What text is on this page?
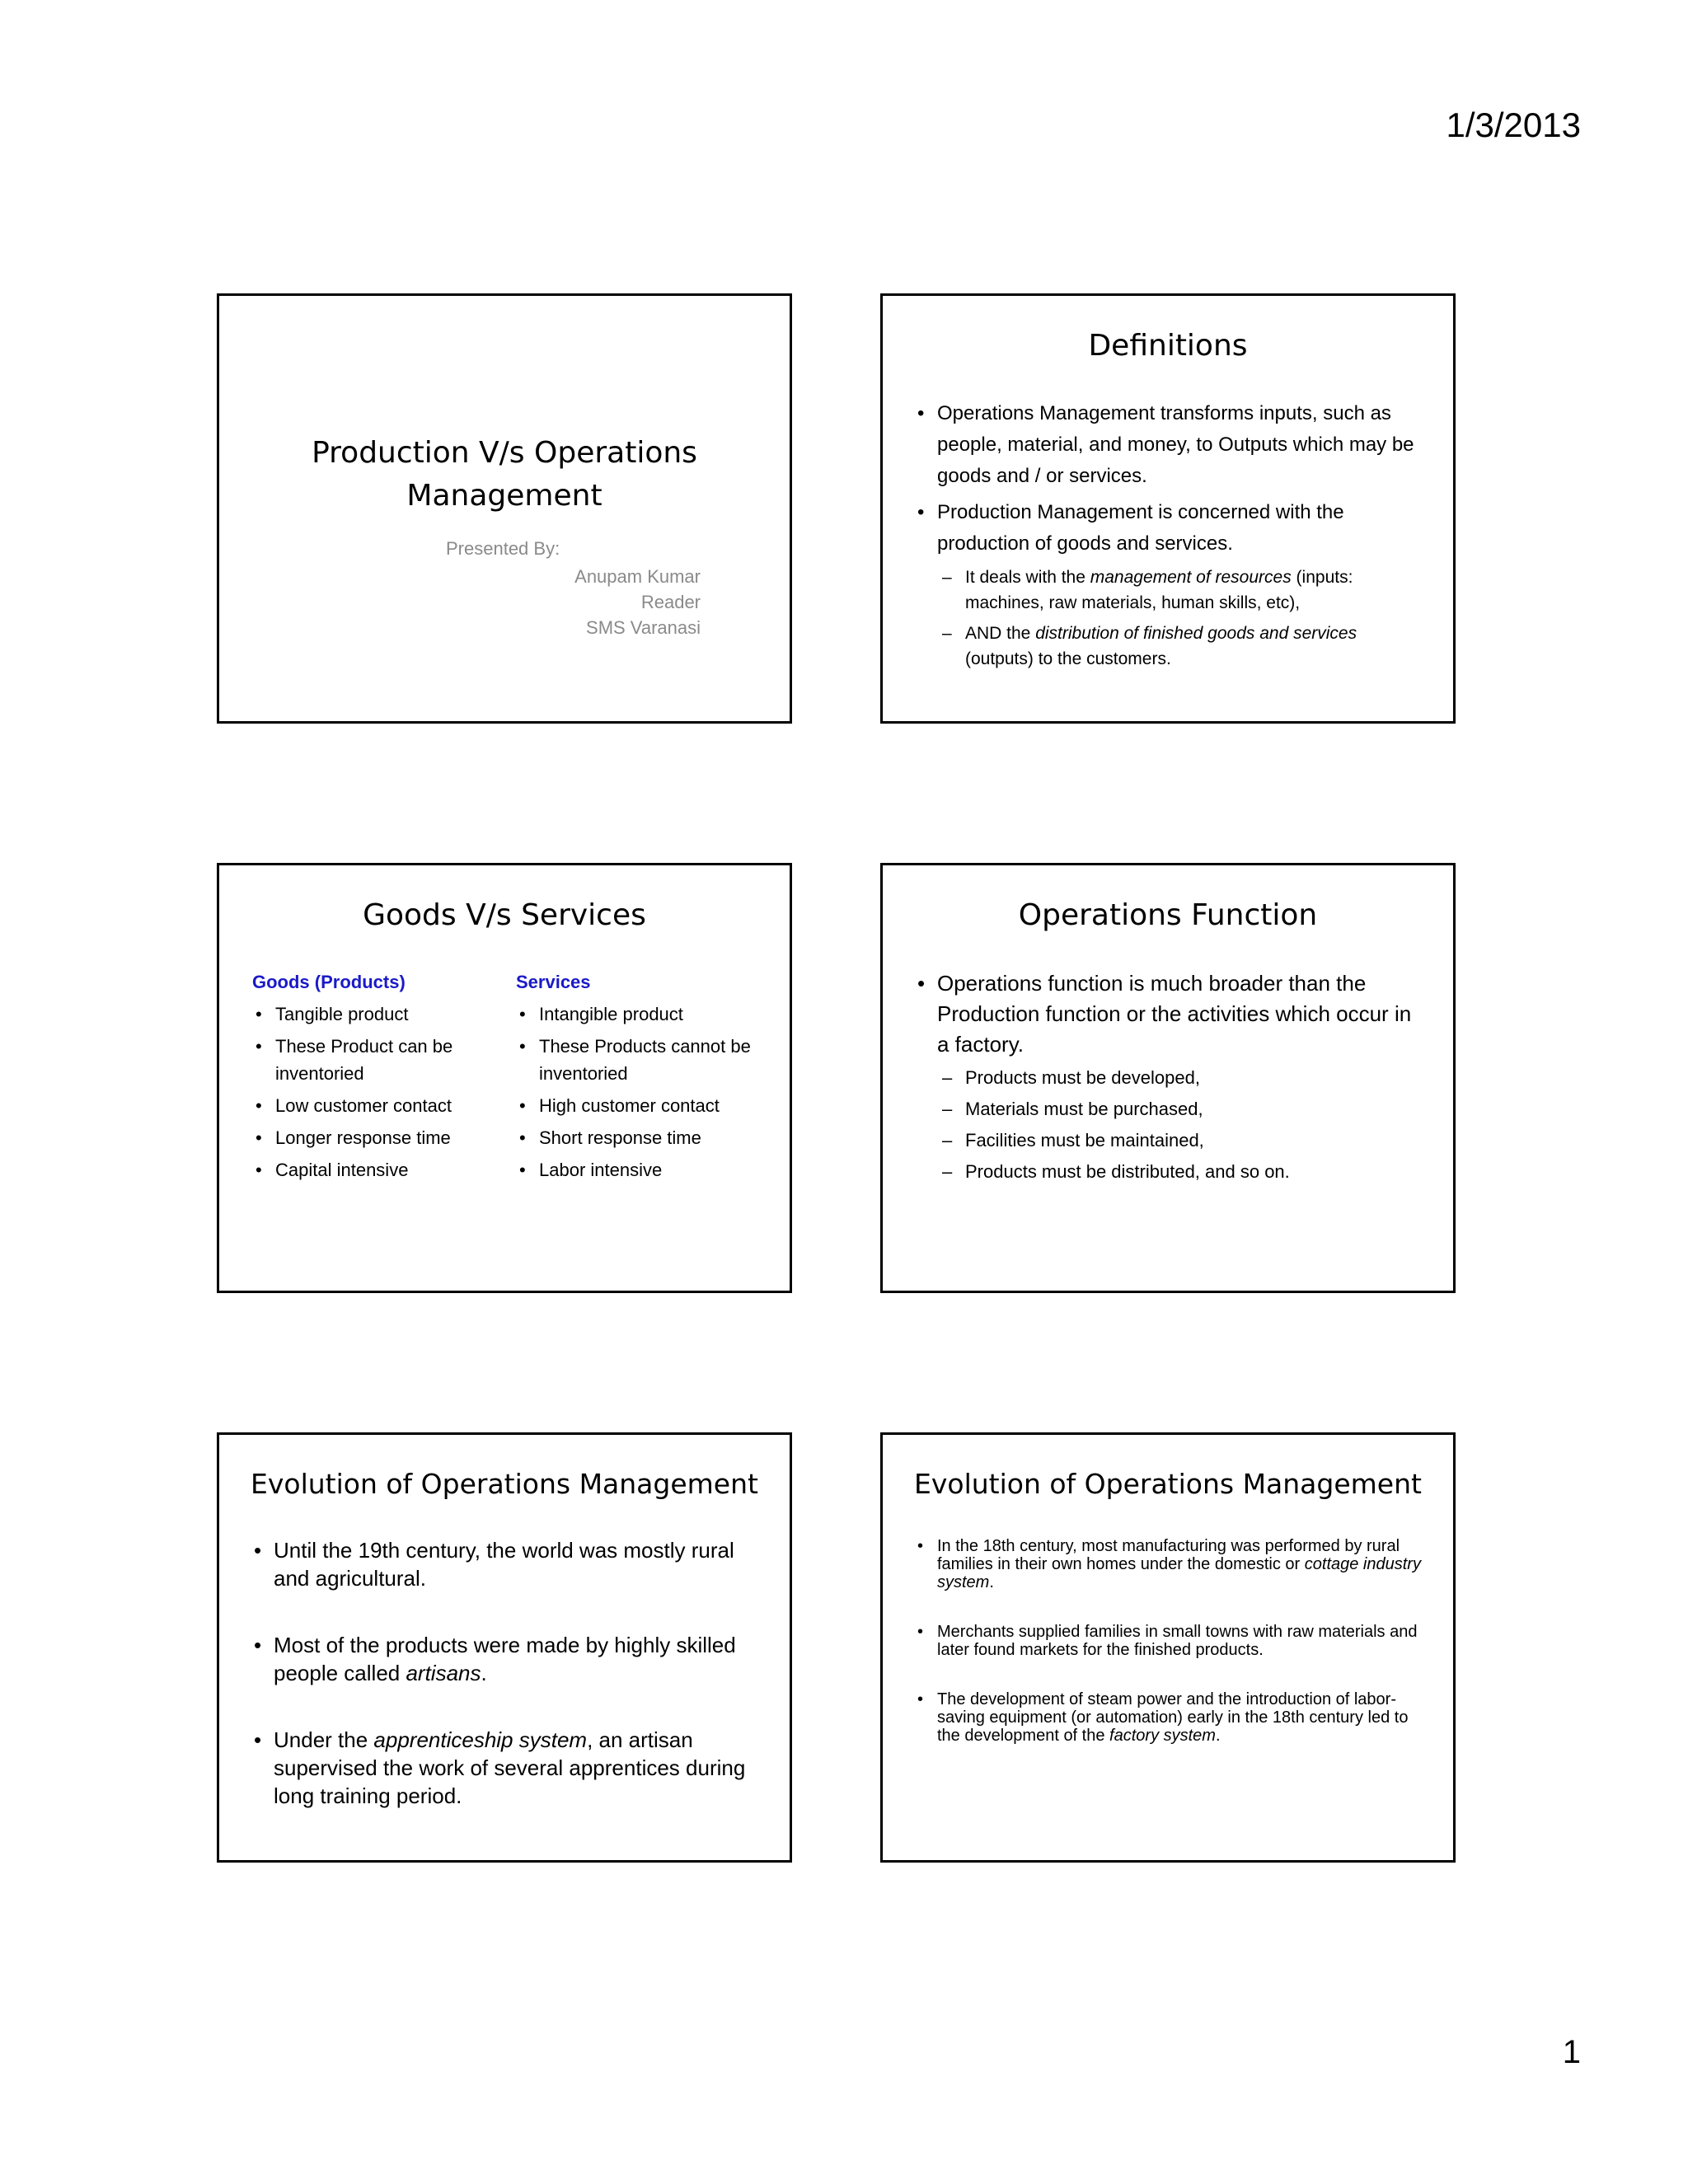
1/3/2013
Production V/s Operations
Management
Presented By:
Anupam Kumar
Reader
SMS Varanasi
Definitions
• Operations Management transforms inputs, such as people, material, and money, to Outputs which may be goods and / or services.
• Production Management is concerned with the production of goods and services.
– It deals with the management of resources (inputs: machines, raw materials, human skills, etc),
– AND the distribution of finished goods and services (outputs) to the customers.
Goods V/s Services
Goods (Products)
• Tangible product
• These Product can be inventoried
• Low customer contact
• Longer response time
• Capital intensive
Services
• Intangible product
• These Products cannot be inventoried
• High customer contact
• Short response time
• Labor intensive
Operations Function
• Operations function is much broader than the Production function or the activities which occur in a factory.
– Products must be developed,
– Materials must be purchased,
– Facilities must be maintained,
– Products must be distributed, and so on.
Evolution of Operations Management
• Until the 19th century, the world was mostly rural and agricultural.
• Most of the products were made by highly skilled people called artisans.
• Under the apprenticeship system, an artisan supervised the work of several apprentices during long training period.
Evolution of Operations Management
• In the 18th century, most manufacturing was performed by rural families in their own homes under the domestic or cottage industry system.
• Merchants supplied families in small towns with raw materials and later found markets for the finished products.
• The development of steam power and the introduction of labor-saving equipment (or automation) early in the 18th century led to the development of the factory system.
1
